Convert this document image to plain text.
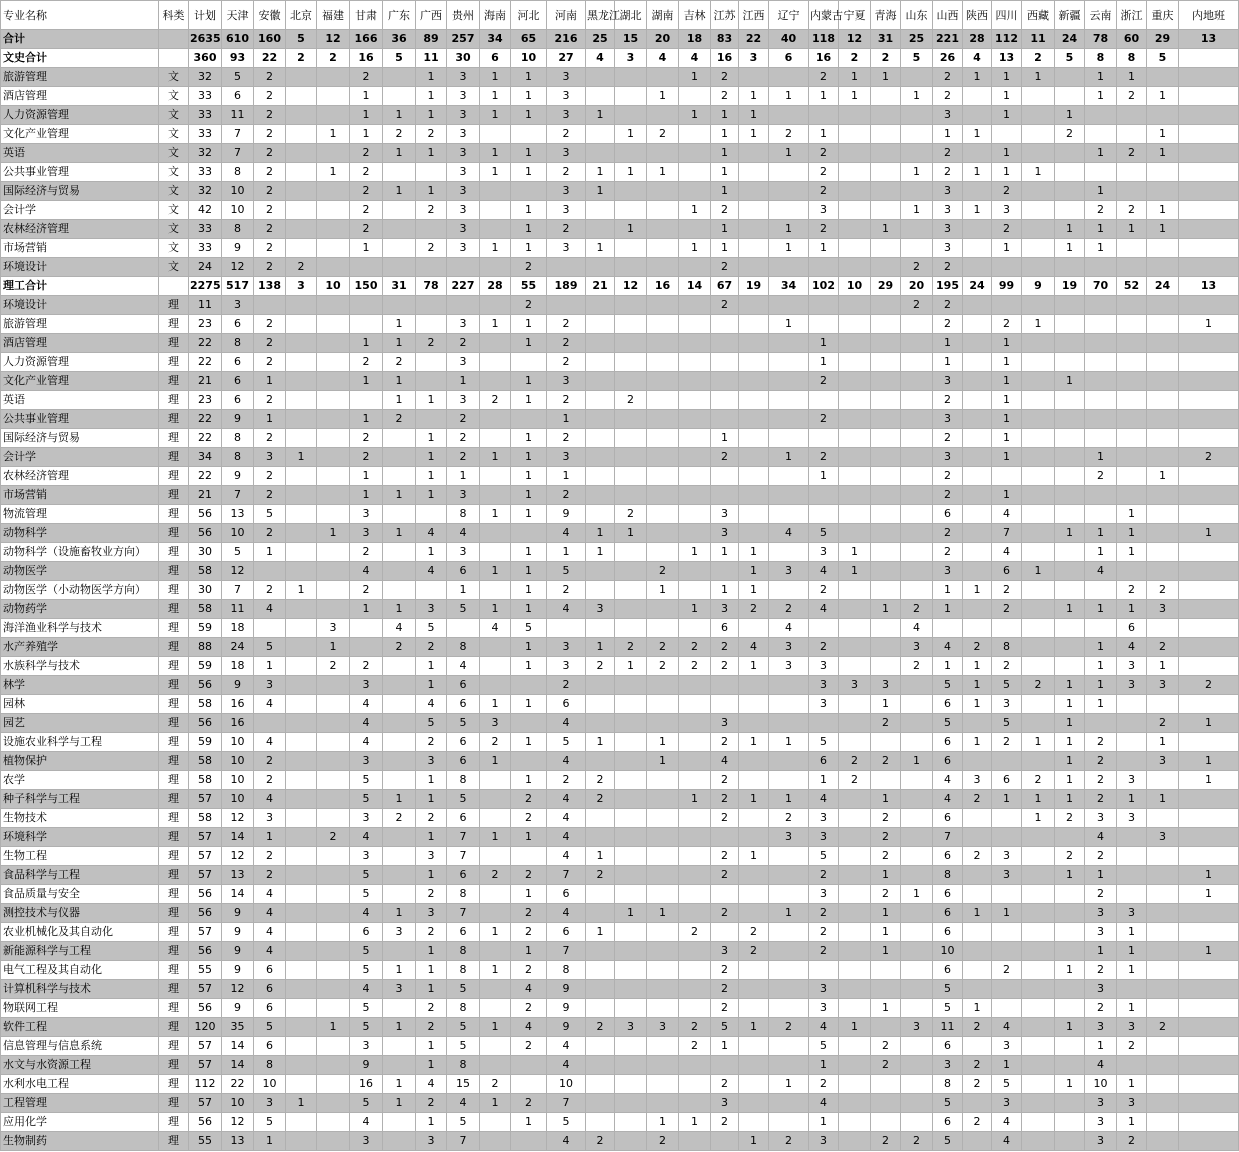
专业名称	科类	计划	天津	安徽	北京	福建	甘肃	广东	广西	贵州	海南	河北	河南	黑龙江	湖北	湖南	吉林	江苏	江西	辽宁	内蒙古	宁夏	青海	山东	山西	陕西	四川	西藏	新疆	云南	浙江	重庆	内地班
合计		2635	610	160	5	12	166	36	89	257	34	65	216	25	15	20	18	83	22	40	118	12	31	25	221	28	112	11	24	78	60	29	13
文史合计		360	93	22	2	2	16	5	11	30	6	10	27	4	3	4	4	16	3	6	16	2	2	5	26	4	13	2	5	8	8	5	
旅游管理	文	32	5	2			2		1	3	1	1	3				1	2			2	1	1		2	1	1	1		1	1		
酒店管理	文	33	6	2			1		1	3	1	1	3			1		2	1	1	1	1		1	2		1			1	2	1	
人力资源管理	文	33	11	2			1	1	1	3	1	1	3	1			1	1	1						3		1		1				
文化产业管理	文	33	7	2		1	1	2	2	3			2		1	2		1	1	2	1				1	1			2			1	
英语	文	32	7	2			2	1	1	3	1	1	3					1		1	2				2		1			1	2	1	
公共事业管理	文	33	8	2		1	2			3	1	1	2	1	1	1		1			2			1	2	1	1	1					
国际经济与贸易	文	32	10	2			2	1	1	3			3	1				1			2				3		2			1			
会计学	文	42	10	2			2		2	3		1	3				1	2			3			1	3	1	3			2	2	1	
农林经济管理	文	33	8	2			2			3		1	2		1			1		1	2		1		3		2		1	1	1	1	
市场营销	文	33	9	2			1		2	3	1	1	3	1			1	1		1	1				3		1		1	1			
环境设计	文	24	12	2	2							2						2						2	2								
理工合计		2275	517	138	3	10	150	31	78	227	28	55	189	21	12	16	14	67	19	34	102	10	29	20	195	24	99	9	19	70	52	24	13
环境设计	理	11	3									2						2						2	2								
旅游管理	理	23	6	2				1		3	1	1	2							1					2		2	1					1
酒店管理	理	22	8	2			1	1	2	2		1	2								1				1		1						
人力资源管理	理	22	6	2			2	2		3			2								1				1		1						
文化产业管理	理	21	6	1			1	1		1		1	3								2				3		1		1				
英语	理	23	6	2				1	1	3	2	1	2		2										2		1						
公共事业管理	理	22	9	1			1	2		2			1								2				3		1						
国际经济与贸易	理	22	8	2			2		1	2		1	2					1							2		1						
会计学	理	34	8	3	1		2		1	2	1	1	3					2		1	2				3		1			1			2
农林经济管理	理	22	9	2			1		1	1		1	1								1				2					2		1	
市场营销	理	21	7	2			1	1	1	3		1	2												2		1						
物流管理	理	56	13	5			3			8	1	1	9		2			3							6		4				1		
动物科学	理	56	10	2		1	3	1	4	4			4	1	1			3		4	5				2		7		1	1	1		1
动物科学（设施畜牧业方向）	理	30	5	1			2		1	3		1	1	1			1	1	1		3	1			2		4			1	1		
动物医学	理	58	12				4		4	6	1	1	5			2			1	3	4	1			3		6	1		4			
动物医学（小动物医学方向）	理	30	7	2	1		2			1		1	2			1		1	1		2				1	1	2				2	2	
动物药学	理	58	11	4			1	1	3	5	1	1	4	3			1	3	2	2	4		1	2	1		2		1	1	1	3	
海洋渔业科学与技术	理	59	18			3		4	5		4	5						6		4				4							6		
水产养殖学	理	88	24	5		1		2	2	8		1	3	1	2	2	2	2	4	3	2			3	4	2	8			1	4	2	
水族科学与技术	理	59	18	1		2	2		1	4		1	3	2	1	2	2	2	1	3	3			2	1	1	2			1	3	1	
林学	理	56	9	3			3		1	6			2								3	3	3		5	1	5	2	1	1	3	3	2
园林	理	58	16	4			4		4	6	1	1	6								3		1		6	1	3		1	1			
园艺	理	56	16				4		5	5	3		4					3					2		5		5		1			2	1
设施农业科学与工程	理	59	10	4			4		2	6	2	1	5	1		1		2	1	1	5				6	1	2	1	1	2		1	
植物保护	理	58	10	2			3		3	6	1		4			1		4			6	2	2	1	6				1	2		3	1
农学	理	58	10	2			5		1	8		1	2	2				2			1	2			4	3	6	2	1	2	3		1
种子科学与工程	理	57	10	4			5	1	1	5		2	4	2			1	2	1	1	4		1		4	2	1	1	1	2	1	1	
生物技术	理	58	12	3			3	2	2	6		2	4					2		2	3		2		6			1	2	3	3		
环境科学	理	57	14	1		2	4		1	7	1	1	4							3	3		2		7					4		3	
生物工程	理	57	12	2			3		3	7			4	1				2	1		5		2		6	2	3		2	2			
食品科学与工程	理	57	13	2			5		1	6	2	2	7	2				2			2		1		8		3		1	1			1
食品质量与安全	理	56	14	4			5		2	8		1	6								3		2	1	6					2			1
测控技术与仪器	理	56	9	4			4	1	3	7		2	4		1	1		2		1	2		1		6	1	1			3	3		
农业机械化及其自动化	理	57	9	4			6	3	2	6	1	2	6	1			2		2		2		1		6					3	1		
新能源科学与工程	理	56	9	4			5		1	8		1	7					3	2		2		1		10					1	1		1
电气工程及其自动化	理	55	9	6			5	1	1	8	1	2	8					2							6		2		1	2	1		
计算机科学与技术	理	57	12	6			4	3	1	5		4	9					2			3				5					3			
物联网工程	理	56	9	6			5		2	8		2	9					2			3		1		5	1				2	1		
软件工程	理	120	35	5		1	5	1	2	5	1	4	9	2	3	3	2	5	1	2	4	1		3	11	2	4		1	3	3	2	
信息管理与信息系统	理	57	14	6			3		1	5		2	4				2	1			5		2		6		3			1	2		
水文与水资源工程	理	57	14	8			9		1	8			4								1		2		3	2	1			4			
水利水电工程	理	112	22	10			16	1	4	15	2		10					2		1	2				8	2	5		1	10	1		
工程管理	理	57	10	3	1		5	1	2	4	1	2	7					3			4				5		3			3	3		
应用化学	理	56	12	5			4		1	5		1	5			1	1	2			1				6	2	4			3	1		
生物制药	理	55	13	1			3		3	7			4	2		2			1	2	3		2	2	5		4			3	2		
